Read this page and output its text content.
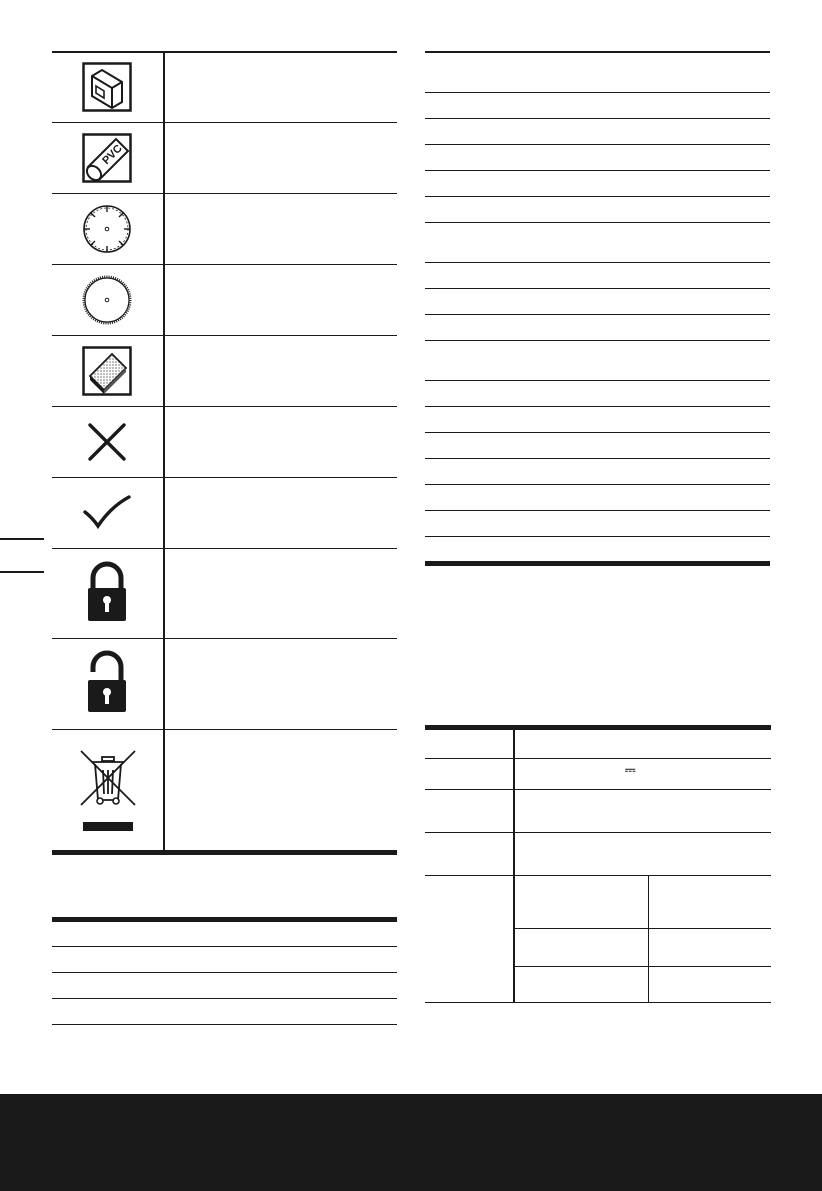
PVC
⎓
